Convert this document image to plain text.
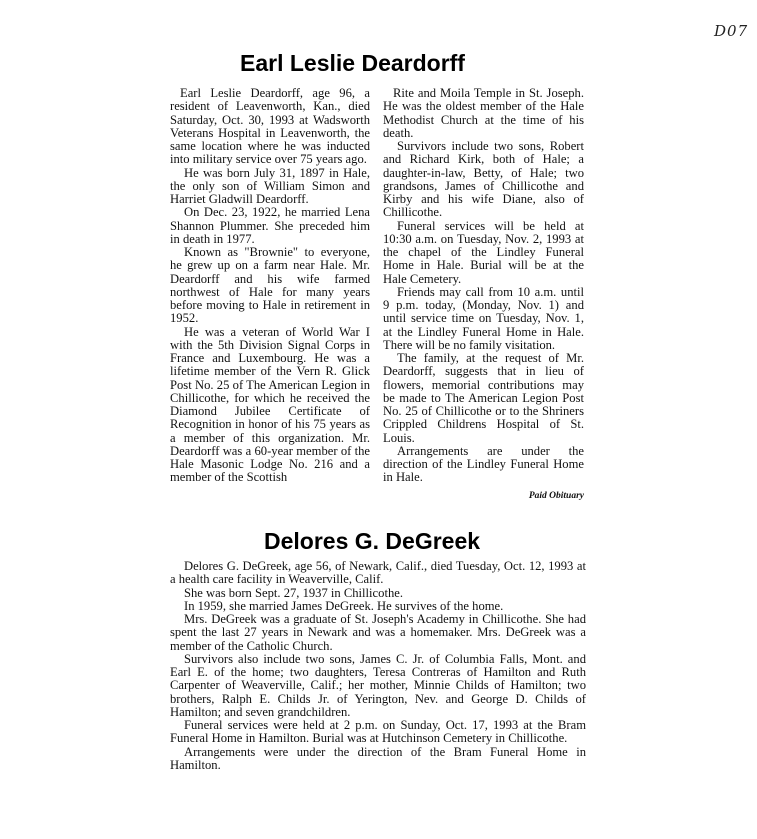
D07
Earl Leslie Deardorff

Earl Leslie Deardorff, age 96, a resident of Leavenworth, Kan., died Saturday, Oct. 30, 1993 at Wadsworth Veterans Hospital in Leavenworth, the same location where he was inducted into military service over 75 years ago.

He was born July 31, 1897 in Hale, the only son of William Simon and Harriet Gladwill Deardorff.

On Dec. 23, 1922, he married Lena Shannon Plummer. She preceded him in death in 1977.

Known as "Brownie" to everyone, he grew up on a farm near Hale. Mr. Deardorff and his wife farmed northwest of Hale for many years before moving to Hale in retirement in 1952.

He was a veteran of World War I with the 5th Division Signal Corps in France and Luxembourg. He was a lifetime member of the Vern R. Glick Post No. 25 of The American Legion in Chillicothe, for which he received the Diamond Jubilee Certificate of Recognition in honor of his 75 years as a member of this organization. Mr. Deardorff was a 60-year member of the Hale Masonic Lodge No. 216 and a member of the Scottish

Rite and Moila Temple in St. Joseph. He was the oldest member of the Hale Methodist Church at the time of his death.

Survivors include two sons, Robert and Richard Kirk, both of Hale; a daughter-in-law, Betty, of Hale; two grandsons, James of Chillicothe and Kirby and his wife Diane, also of Chillicothe.

Funeral services will be held at 10:30 a.m. on Tuesday, Nov. 2, 1993 at the chapel of the Lindley Funeral Home in Hale. Burial will be at the Hale Cemetery.

Friends may call from 10 a.m. until 9 p.m. today, (Monday, Nov. 1) and until service time on Tuesday, Nov. 1, at the Lindley Funeral Home in Hale. There will be no family visitation.

The family, at the request of Mr. Deardorff, suggests that in lieu of flowers, memorial contributions may be made to The American Legion Post No. 25 of Chillicothe or to the Shriners Crippled Childrens Hospital of St. Louis.

Arrangements are under the direction of the Lindley Funeral Home in Hale.

Paid Obituary
Delores G. DeGreek

Delores G. DeGreek, age 56, of Newark, Calif., died Tuesday, Oct. 12, 1993 at a health care facility in Weaverville, Calif.

She was born Sept. 27, 1937 in Chillicothe.

In 1959, she married James DeGreek. He survives of the home.

Mrs. DeGreek was a graduate of St. Joseph's Academy in Chillicothe. She had spent the last 27 years in Newark and was a homemaker. Mrs. DeGreek was a member of the Catholic Church.

Survivors also include two sons, James C. Jr. of Columbia Falls, Mont. and Earl E. of the home; two daughters, Teresa Contreras of Hamilton and Ruth Carpenter of Weaverville, Calif.; her mother, Minnie Childs of Hamilton; two brothers, Ralph E. Childs Jr. of Yerington, Nev. and George D. Childs of Hamilton; and seven grandchildren.

Funeral services were held at 2 p.m. on Sunday, Oct. 17, 1993 at the Bram Funeral Home in Hamilton. Burial was at Hutchinson Cemetery in Chillicothe.

Arrangements were under the direction of the Bram Funeral Home in Hamilton.
